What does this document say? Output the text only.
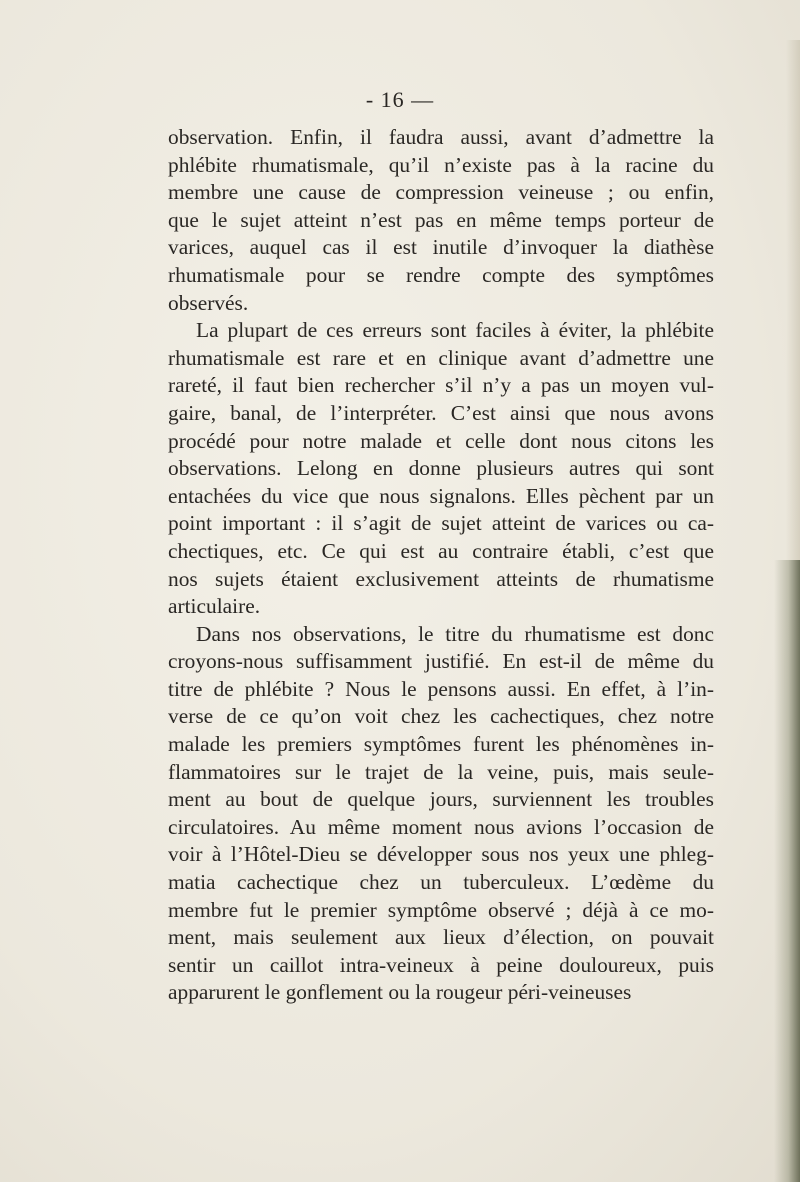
- 16 —
observation. Enfin, il faudra aussi, avant d’admettre la
phlébite rhumatismale, qu’il n’existe pas à la racine du
membre une cause de compression veineuse ; ou enfin,
que le sujet atteint n’est pas en même temps porteur de
varices, auquel cas il est inutile d’invoquer la diathèse
rhumatismale pour se rendre compte des symptômes
observés.
La plupart de ces erreurs sont faciles à éviter, la phlébite
rhumatismale est rare et en clinique avant d’admettre une
rareté, il faut bien rechercher s’il n’y a pas un moyen vul-
gaire, banal, de l’interpréter. C’est ainsi que nous avons
procédé pour notre malade et celle dont nous citons les
observations. Lelong en donne plusieurs autres qui sont
entachées du vice que nous signalons. Elles pèchent par un
point important : il s’agit de sujet atteint de varices ou ca-
chectiques, etc. Ce qui est au contraire établi, c’est que
nos sujets étaient exclusivement atteints de rhumatisme
articulaire.
Dans nos observations, le titre du rhumatisme est donc
croyons-nous suffisamment justifié. En est-il de même du
titre de phlébite ? Nous le pensons aussi. En effet, à l’in-
verse de ce qu’on voit chez les cachectiques, chez notre
malade les premiers symptômes furent les phénomènes in-
flammatoires sur le trajet de la veine, puis, mais seule-
ment au bout de quelque jours, surviennent les troubles
circulatoires. Au même moment nous avions l’occasion de
voir à l’Hôtel-Dieu se développer sous nos yeux une phleg-
matia cachectique chez un tuberculeux. L’œdème du
membre fut le premier symptôme observé ; déjà à ce mo-
ment, mais seulement aux lieux d’élection, on pouvait
sentir un caillot intra-veineux à peine douloureux, puis
apparurent le gonflement ou la rougeur péri-veineuses
